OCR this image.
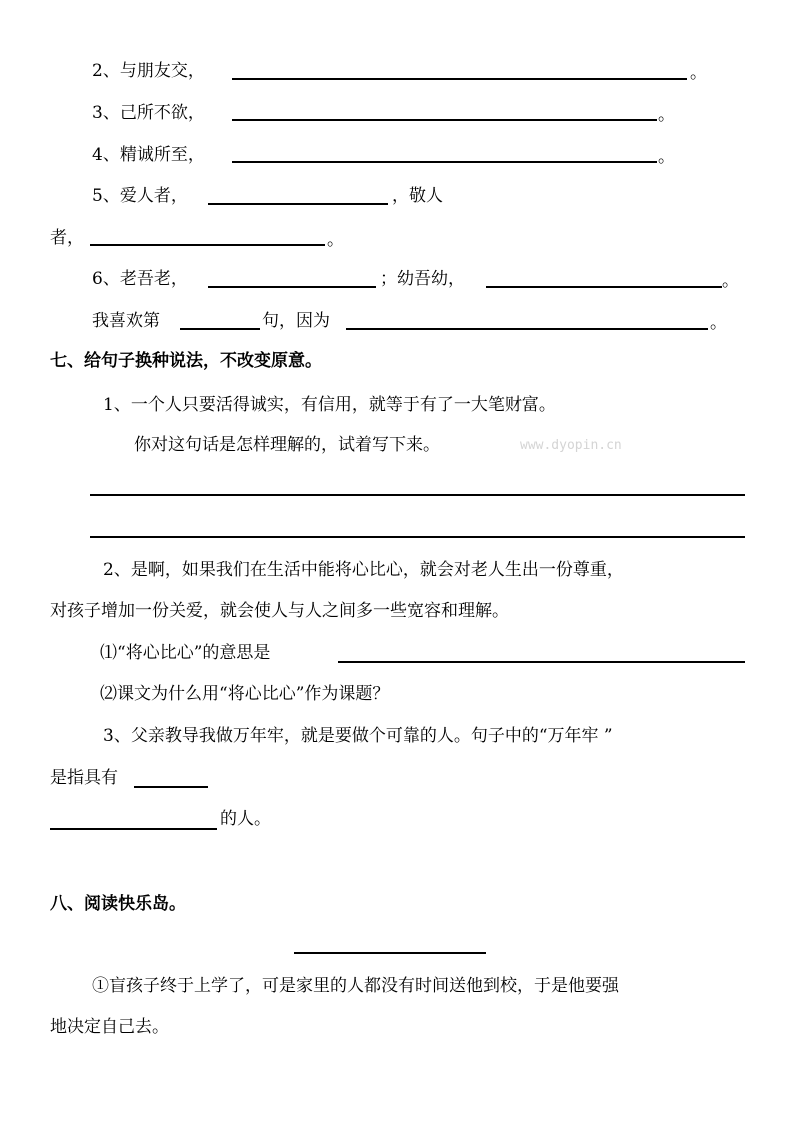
2、与朋友交，	。
3、己所不欲，	。
4、精诚所至，	。
5、爱人者，	，敬人
者，	。
6、老吾老，	；幼吾幼，	。
我喜欢第	句，因为	。
七、给句子换种说法，不改变原意。
1、一个人只要活得诚实，有信用，就等于有了一大笔财富。
你对这句话是怎样理解的，试着写下来。	www.dyopin.cn
2、是啊，如果我们在生活中能将心比心，就会对老人生出一份尊重，
对孩子增加一份关爱，就会使人与人之间多一些宽容和理解。
⑴“将心比心”的意思是
⑵课文为什么用“将心比心”作为课题？
3、父亲教导我做万年牢，就是要做个可靠的人。句子中的“万年牢 ”
是指具有
的人。
八、阅读快乐岛。
①盲孩子终于上学了，可是家里的人都没有时间送他到校，于是他要强
地决定自己去。
